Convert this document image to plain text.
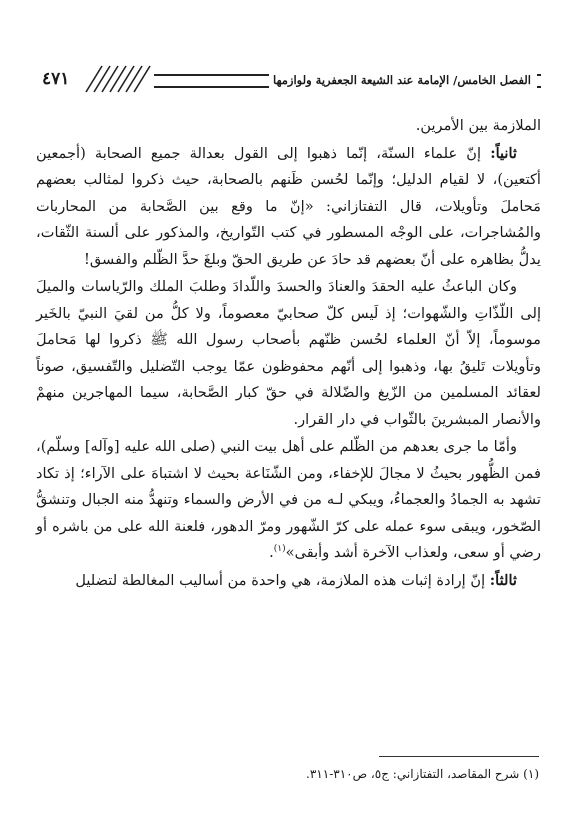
الفصل الخامس/ الإمامة عند الشيعة الجعفرية ولوازمها
٤٧١

الملازمة بين الأمرين.

ثانياً: إنّ علماء السنّة، إنّما ذهبوا إلى القول بعدالة جميع الصحابة (أجمعين أكتعين)، لا لقيام الدليل؛ وإنّما لحُسن ظَنهم بالصحابة، حيث ذكروا لمثالب بعضهم مَحاملَ وتأويلات، قال التفتازاني: «إنّ ما وقع بين الصَّحابة من المحاربات والمُشاجرات، على الوجْه المسطور في كتب التّواريخ، والمذكور على ألسنة الثّقات، يدلُّ بظاهره على أنّ بعضهم قد حادَ عن طريق الحقّ وبلغَ حدَّ الظّلم والفسق!

وكان الباعثُ عليه الحقدَ والعنادَ والحسدَ واللّدادَ وطلبَ الملك والرّياسات والميلَ إلى اللّذّاتِ والشّهوات؛ إذ لَيس كلّ صحابيّ معصوماً، ولا كلُّ من لقيَ النبيّ بالخَير موسوماً، إلاّ أنّ العلماء لحُسن ظنّهم بأصحاب رسول الله ﷺ ذكروا لها مَحاملَ وتأويلات تَليقُ بها، وذهبوا إلى أنّهم محفوظون عمّا يوجب التّضليل والتّفسيق، صوناً لعقائد المسلمين من الزّيغ والضّلالة في حقّ كبار الصَّحابة، سيما المهاجرين منهمْ والأنصار المبشرينَ بالثّواب في دار القرار.

وأمّا ما جرى بعدهم من الظّلم على أهل بيت النبي (صلى الله عليه [وآله] وسلّم)، فمن الظُّهور بحيثُ لا مجالَ للإخفاء، ومن الشّنَاعة بحيث لا اشتباهَ على الآراء؛ إذ تكاد تشهد به الجمادُ والعجماءُ، ويبكي لـه من في الأرض والسماء وتنهدُّ منه الجبال وتنشقُّ الصّخور، ويبقى سوء عمله على كرّ الشّهور ومرّ الدهور، فلعنة الله على من باشره أو رضي أو سعى، ولعذاب الآخرة أشد وأبقى»$^{(١)}$.

ثالثاً: إنّ إرادة إثبات هذه الملازمة، هي واحدة من أساليب المغالطة لتضليل

(١) شرح المقاصد، التفتازاني: ج٥، ص٣١٠-٣١١.
